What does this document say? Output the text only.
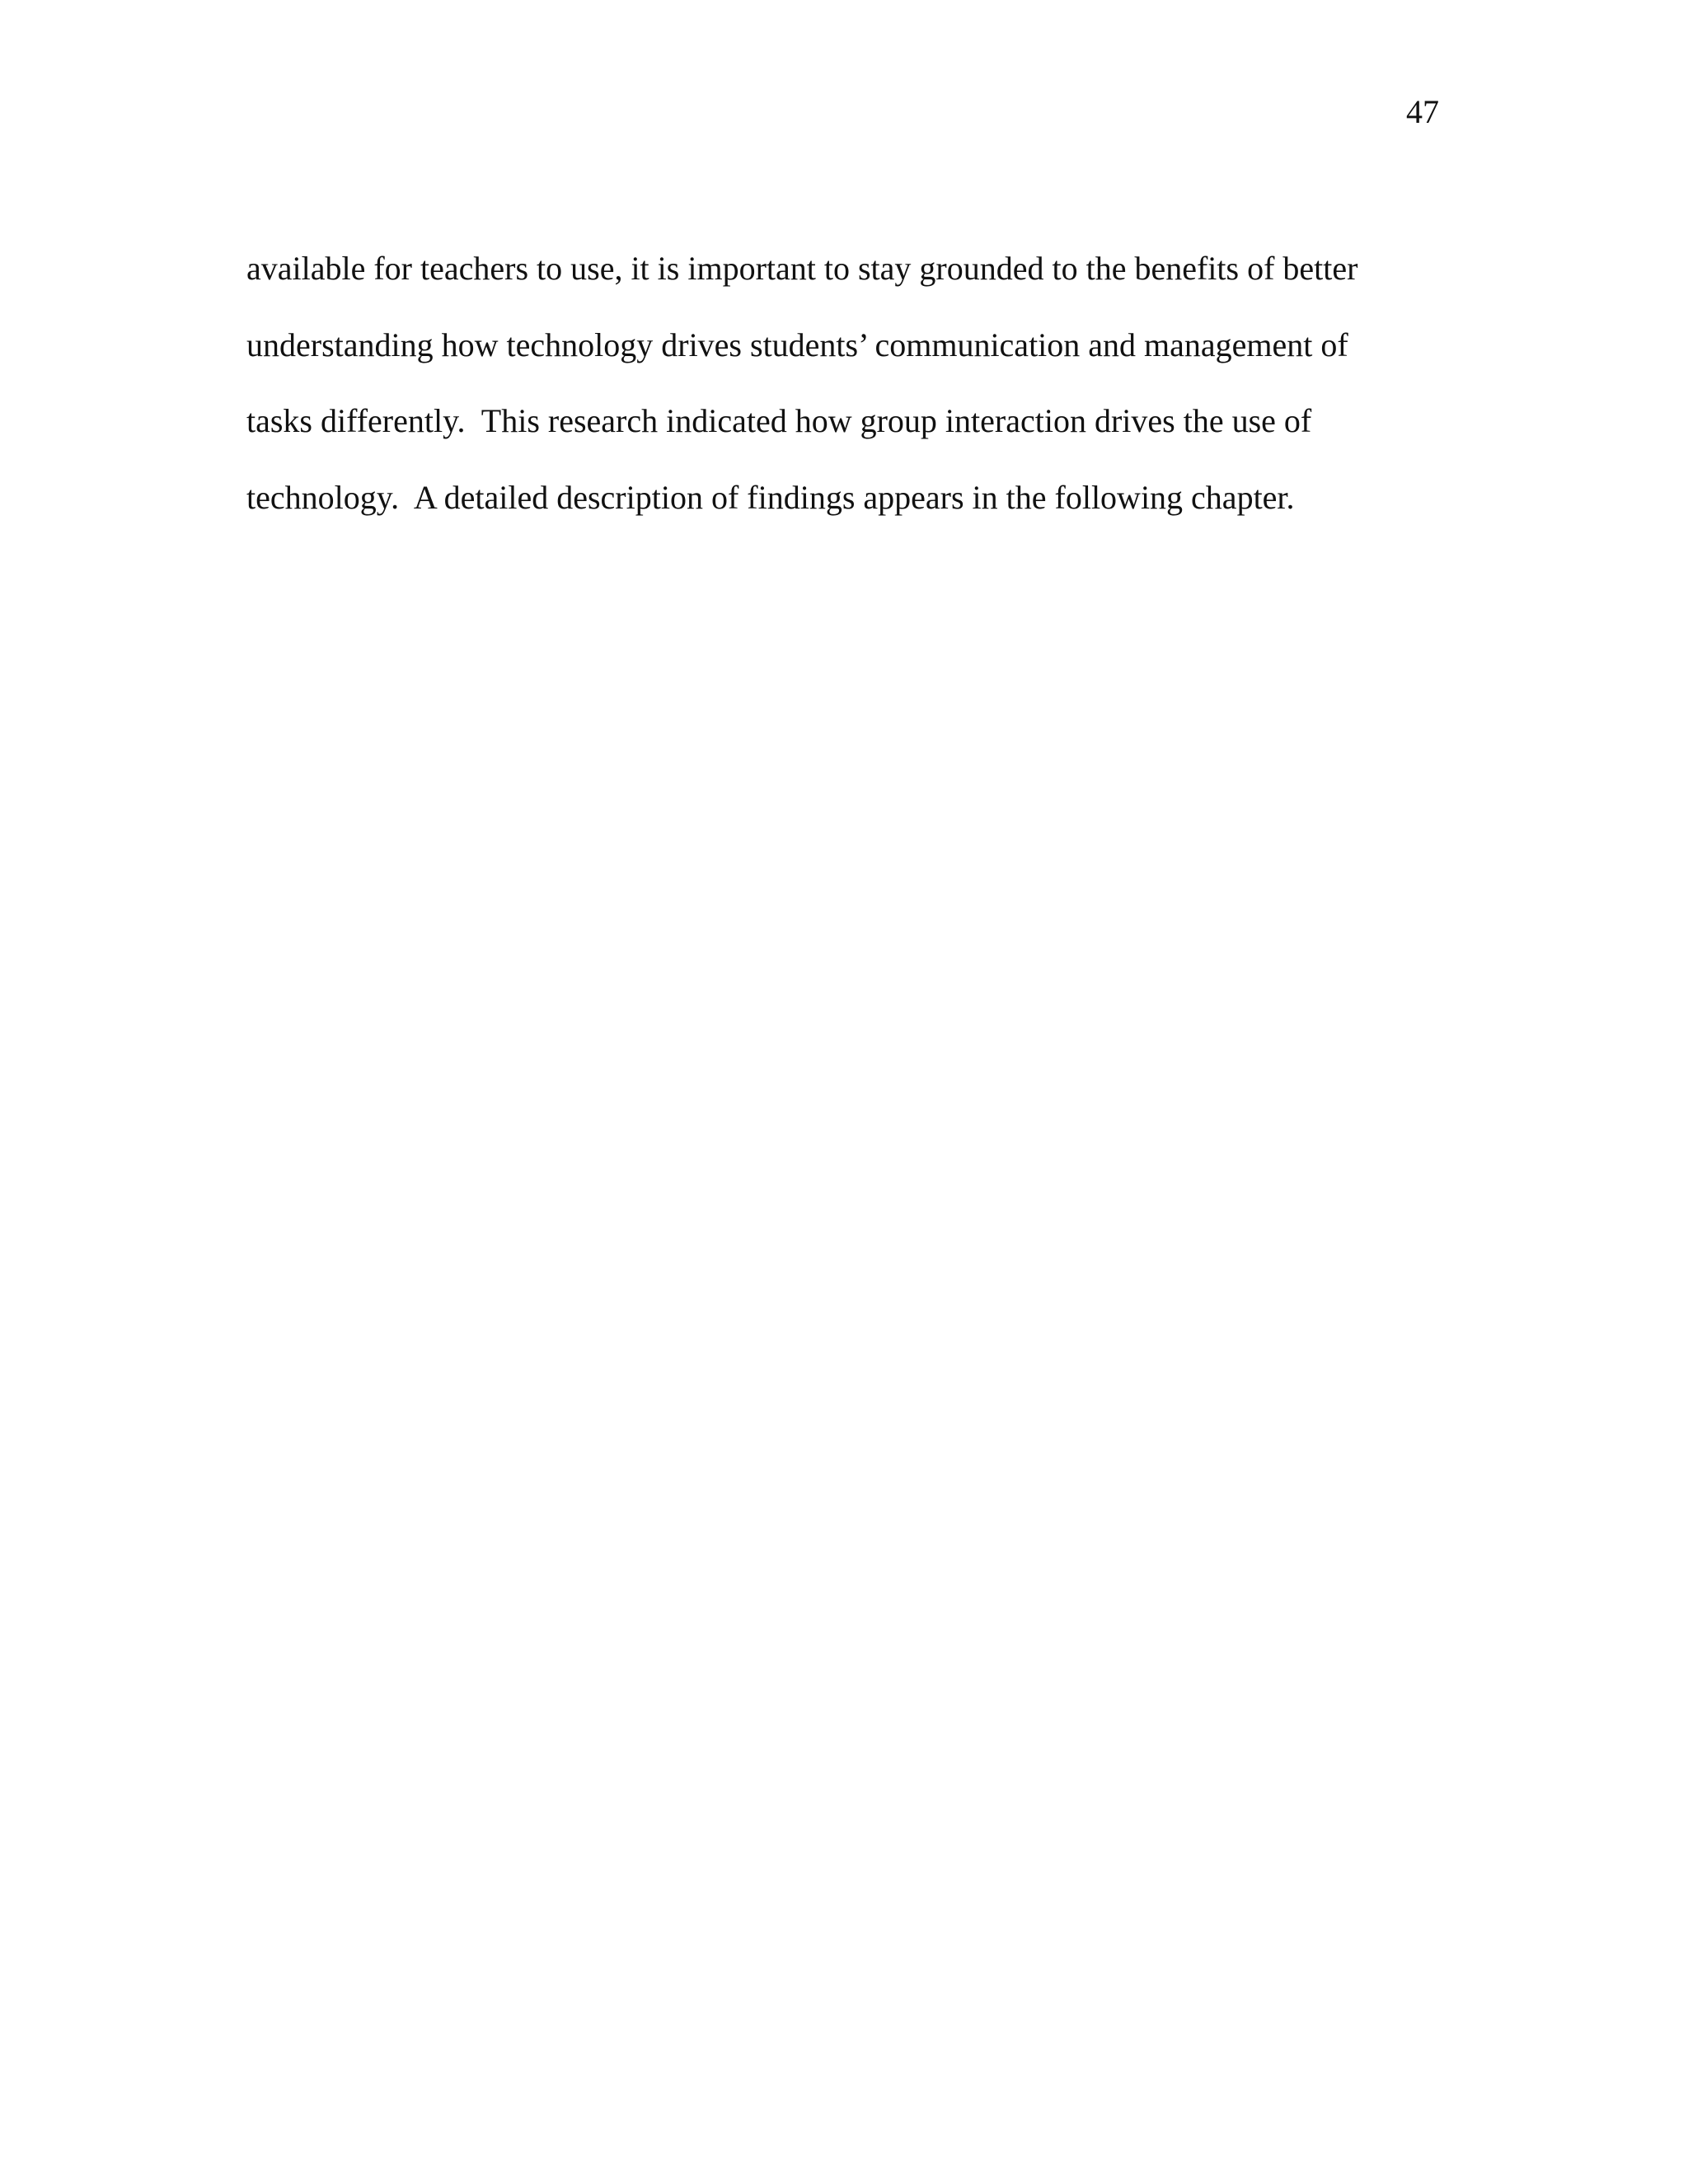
47

available for teachers to use, it is important to stay grounded to the benefits of better
understanding how technology drives students’ communication and management of
tasks differently.  This research indicated how group interaction drives the use of
technology.  A detailed description of findings appears in the following chapter.
